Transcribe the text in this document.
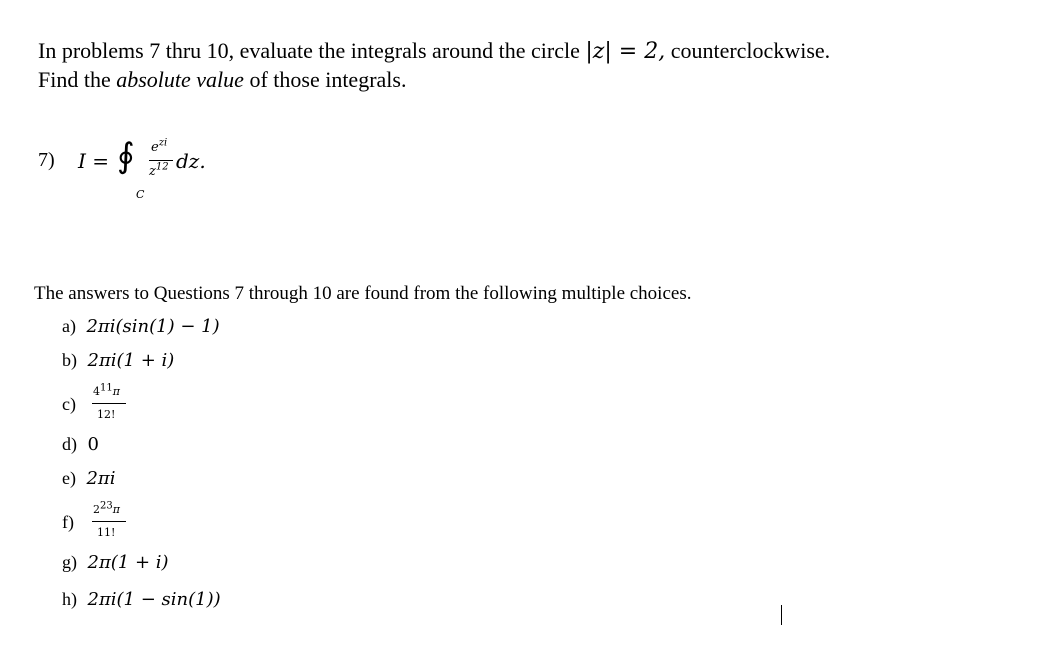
In problems 7 thru 10, evaluate the integrals around the circle |z| = 2, counterclockwise.
Find the absolute value of those integrals.
7) I = ∮
C
$e^{zi}$
$z^{12}$ dz.
The answers to Questions 7 through 10 are found from the following multiple choices.
a) 2πi(sin(1) − 1)
b) 2πi(1 + i)
c)
411π
12!
d) 0
e) 2πi
f)
223π
11!
g) 2π(1 + i)
h) 2πi(1 − sin(1))
